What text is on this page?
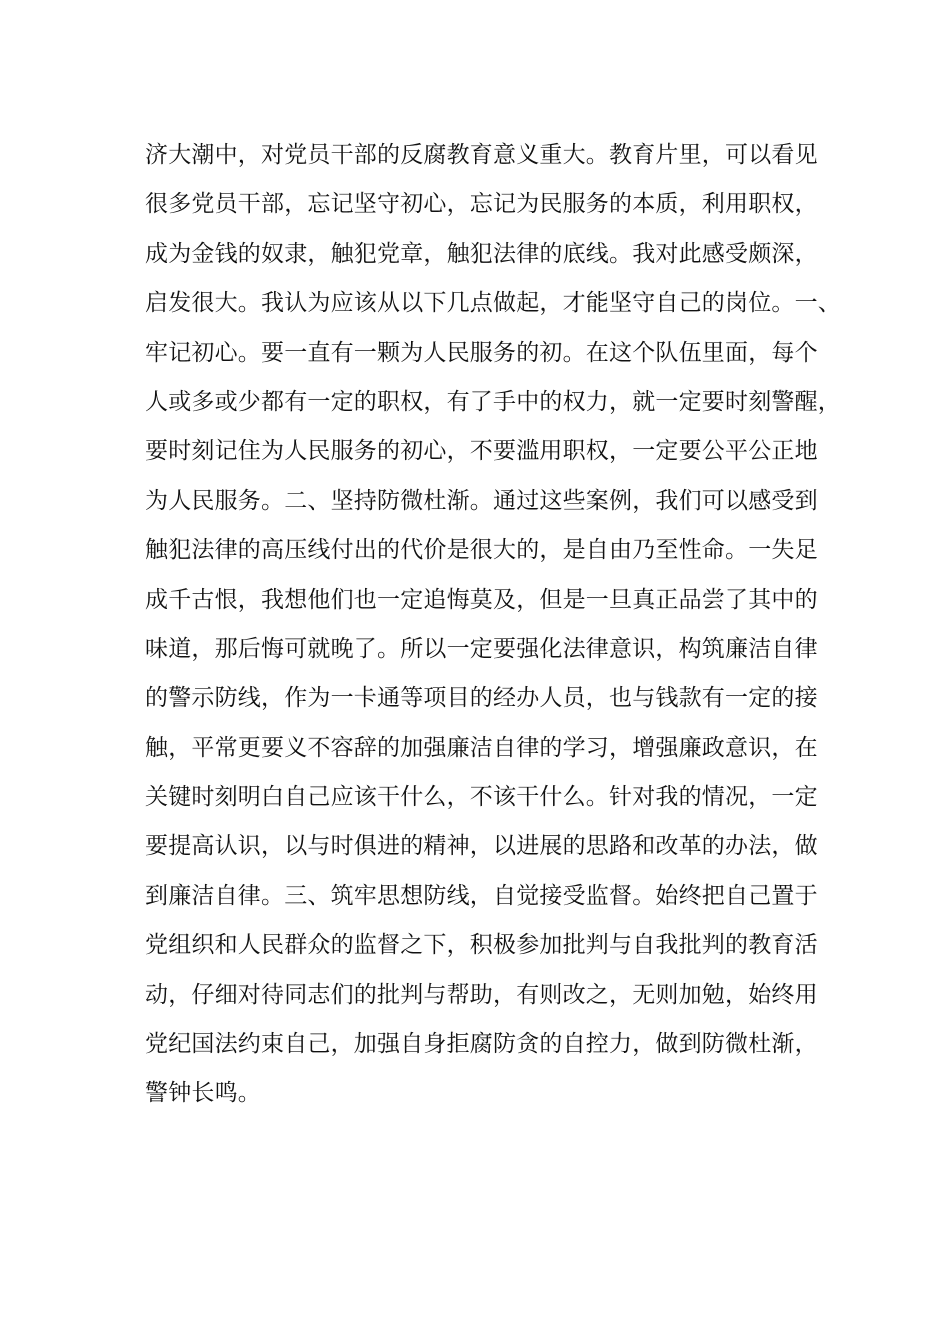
济大潮中，对党员干部的反腐教育意义重大。教育片里，可以看见
很多党员干部，忘记坚守初心，忘记为民服务的本质，利用职权，
成为金钱的奴隶，触犯党章，触犯法律的底线。我对此感受颇深，
启发很大。我认为应该从以下几点做起，才能坚守自己的岗位。一、
牢记初心。要一直有一颗为人民服务的初。在这个队伍里面，每个
人或多或少都有一定的职权，有了手中的权力，就一定要时刻警醒，
要时刻记住为人民服务的初心，不要滥用职权，一定要公平公正地
为人民服务。二、坚持防微杜渐。通过这些案例，我们可以感受到
触犯法律的高压线付出的代价是很大的，是自由乃至性命。一失足
成千古恨，我想他们也一定追悔莫及，但是一旦真正品尝了其中的
味道，那后悔可就晚了。所以一定要强化法律意识，构筑廉洁自律
的警示防线，作为一卡通等项目的经办人员，也与钱款有一定的接
触，平常更要义不容辞的加强廉洁自律的学习，增强廉政意识，在
关键时刻明白自己应该干什么，不该干什么。针对我的情况，一定
要提高认识，以与时俱进的精神，以进展的思路和改革的办法，做
到廉洁自律。三、筑牢思想防线，自觉接受监督。始终把自己置于
党组织和人民群众的监督之下，积极参加批判与自我批判的教育活
动，仔细对待同志们的批判与帮助，有则改之，无则加勉，始终用
党纪国法约束自己，加强自身拒腐防贪的自控力，做到防微杜渐，
警钟长鸣。
